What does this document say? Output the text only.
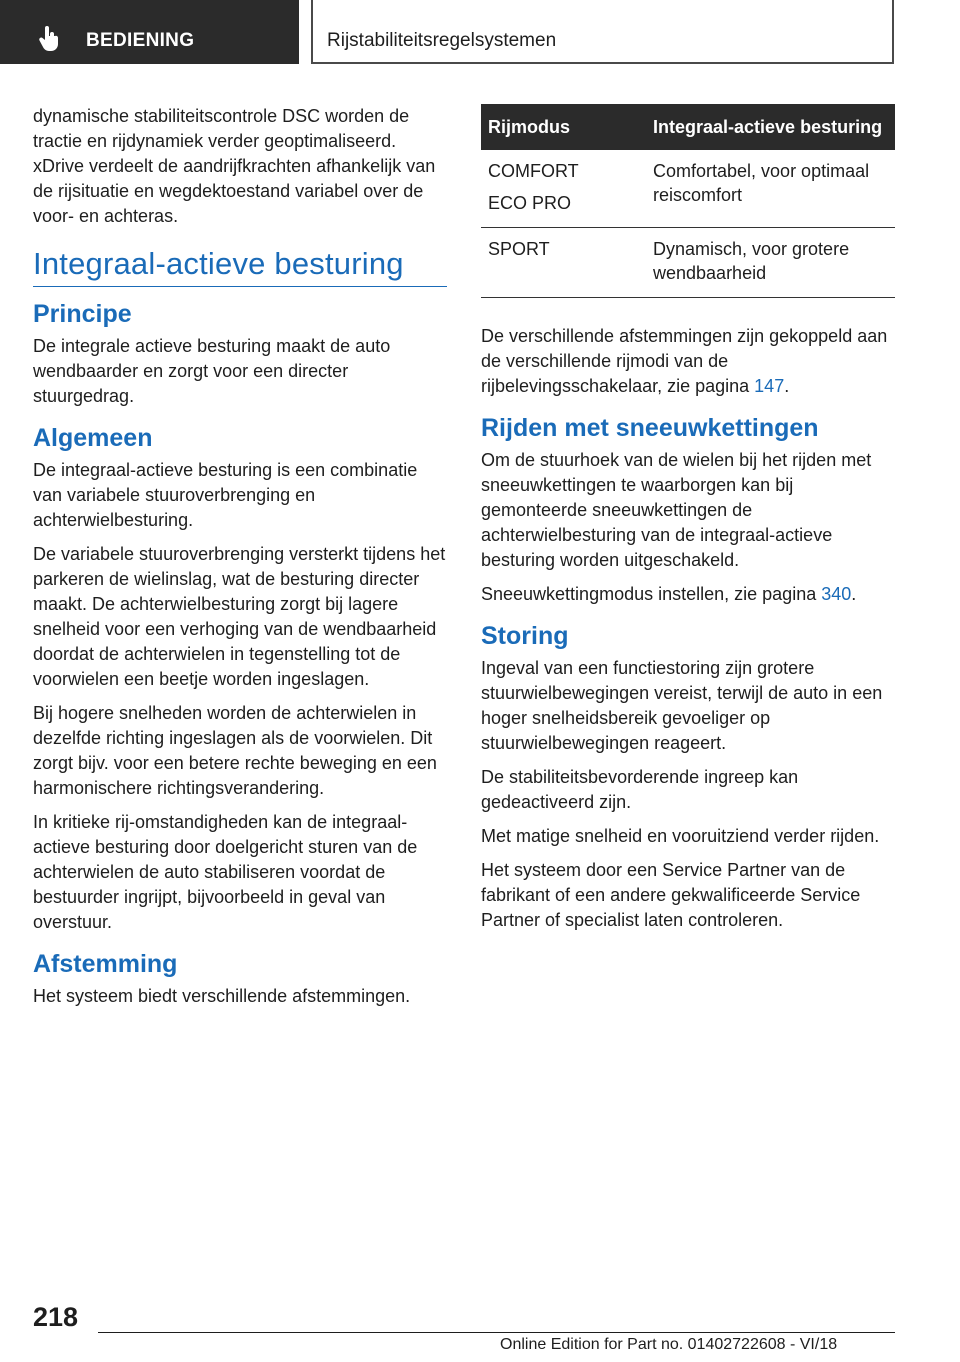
BEDIENING	Rijstabiliteitsregelsystemen

dynamische stabiliteitscontrole DSC worden de tractie en rijdynamiek verder geoptimaliseerd. xDrive verdeelt de aandrijfkrachten afhankelijk van de rijsituatie en wegdektoestand variabel over de voor- en achteras.

Integraal-actieve besturing
Principe

De integrale actieve besturing maakt de auto wendbaarder en zorgt voor een directer stuurgedrag.

Algemeen

De integraal-actieve besturing is een combinatie van variabele stuuroverbrenging en achterwielbesturing.

De variabele stuuroverbrenging versterkt tijdens het parkeren de wielinslag, wat de besturing directer maakt. De achterwielbesturing zorgt bij lagere snelheid voor een verhoging van de wendbaarheid doordat de achterwielen in tegenstelling tot de voorwielen een beetje worden ingeslagen.

Bij hogere snelheden worden de achterwielen in dezelfde richting ingeslagen als de voorwielen. Dit zorgt bijv. voor een betere rechte beweging en een harmonischere richtingsverandering.

In kritieke rij-omstandigheden kan de integraal-actieve besturing door doelgericht sturen van de achterwielen de auto stabiliseren voordat de bestuurder ingrijpt, bijvoorbeeld in geval van overstuur.

Afstemming

Het systeem biedt verschillende afstemmingen.

Rijmodus	Integraal-actieve besturing

COMFORT
ECO PRO	Comfortabel, voor optimaal reiscomfort

SPORT	Dynamisch, voor grotere wendbaarheid

De verschillende afstemmingen zijn gekoppeld aan de verschillende rijmodi van de rijbelevingsschakelaar, zie pagina 147.

Rijden met sneeuwkettingen

Om de stuurhoek van de wielen bij het rijden met sneeuwkettingen te waarborgen kan bij gemonteerde sneeuwkettingen de achterwielbesturing van de integraal-actieve besturing worden uitgeschakeld.

Sneeuwkettingmodus instellen, zie pagina 340.

Storing

Ingeval van een functiestoring zijn grotere stuurwielbewegingen vereist, terwijl de auto in een hoger snelheidsbereik gevoeliger op stuurwielbewegingen reageert.

De stabiliteitsbevorderende ingreep kan gedeactiveerd zijn.

Met matige snelheid en vooruitziend verder rijden.

Het systeem door een Service Partner van de fabrikant of een andere gekwalificeerde Service Partner of specialist laten controleren.

218
Online Edition for Part no. 01402722608 - VI/18
